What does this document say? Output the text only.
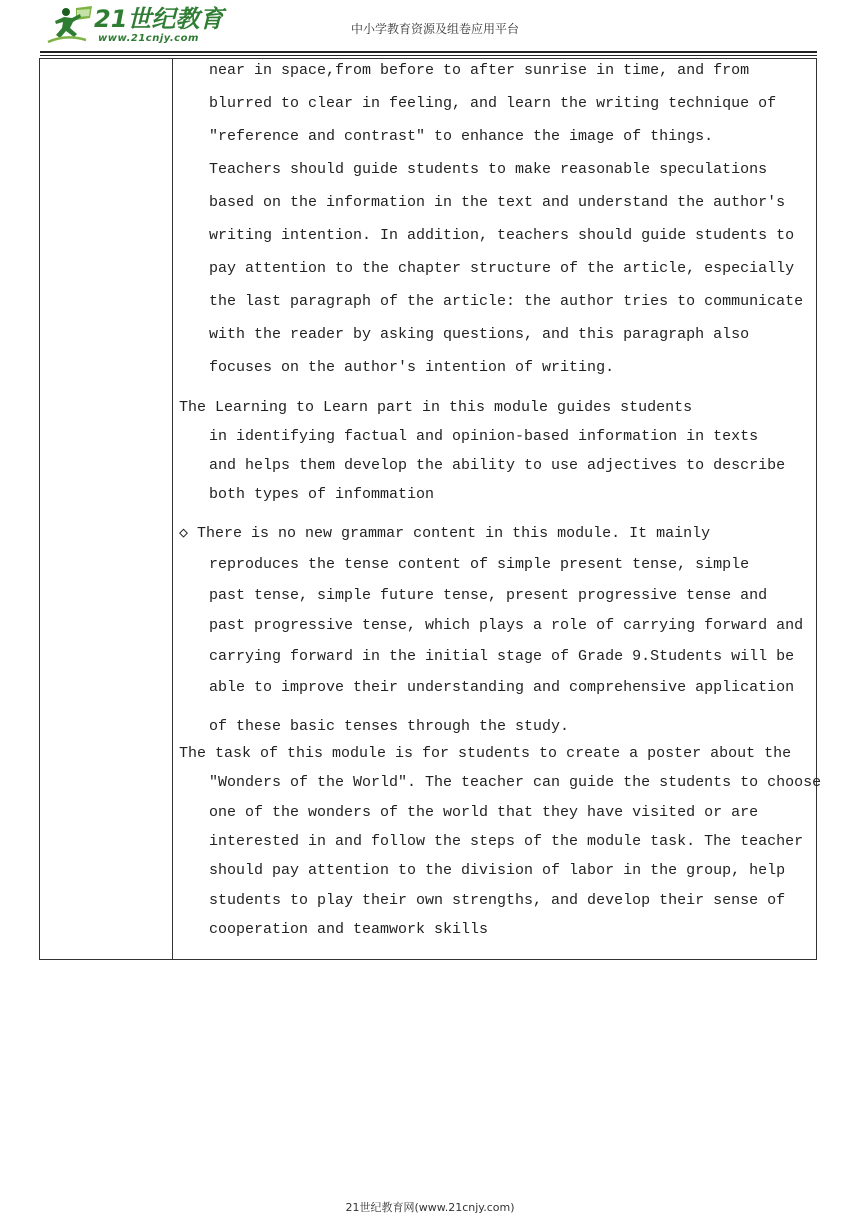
21世纪教育
www.21cnjy.com
中小学教育资源及组卷应用平台
near in space,from before to after sunrise in time, and from
blurred to clear in feeling, and learn the writing technique of
"reference and contrast" to enhance the image of things.
Teachers should guide students to make reasonable speculations
based on the information in the text and understand the author's
writing intention. In addition, teachers should guide students to
pay attention to the chapter structure of the article, especially
the last paragraph of the article: the author tries to communicate
with the reader by asking questions, and this paragraph also
focuses on the author's intention of writing.
The Learning to Learn part in this module guides students
in identifying factual and opinion-based information in texts
and helps them develop the ability to use adjectives to describe
both types of infommation
◇ There is no new grammar content in this module. It mainly
reproduces the tense content of simple present tense, simple
past tense, simple future tense, present progressive tense and
past progressive tense, which plays a role of carrying forward and
carrying forward in the initial stage of Grade 9.Students will be
able to improve their understanding and comprehensive application
of these basic tenses through the study.
The task of this module is for students to create a poster about the
"Wonders of the World". The teacher can guide the students to choose
one of the wonders of the world that they have visited or are
interested in and follow the steps of the module task. The teacher
should pay attention to the division of labor in the group, help
students to play their own strengths, and develop their sense of
cooperation and teamwork skills
21世纪教育网(www.21cnjy.com)
